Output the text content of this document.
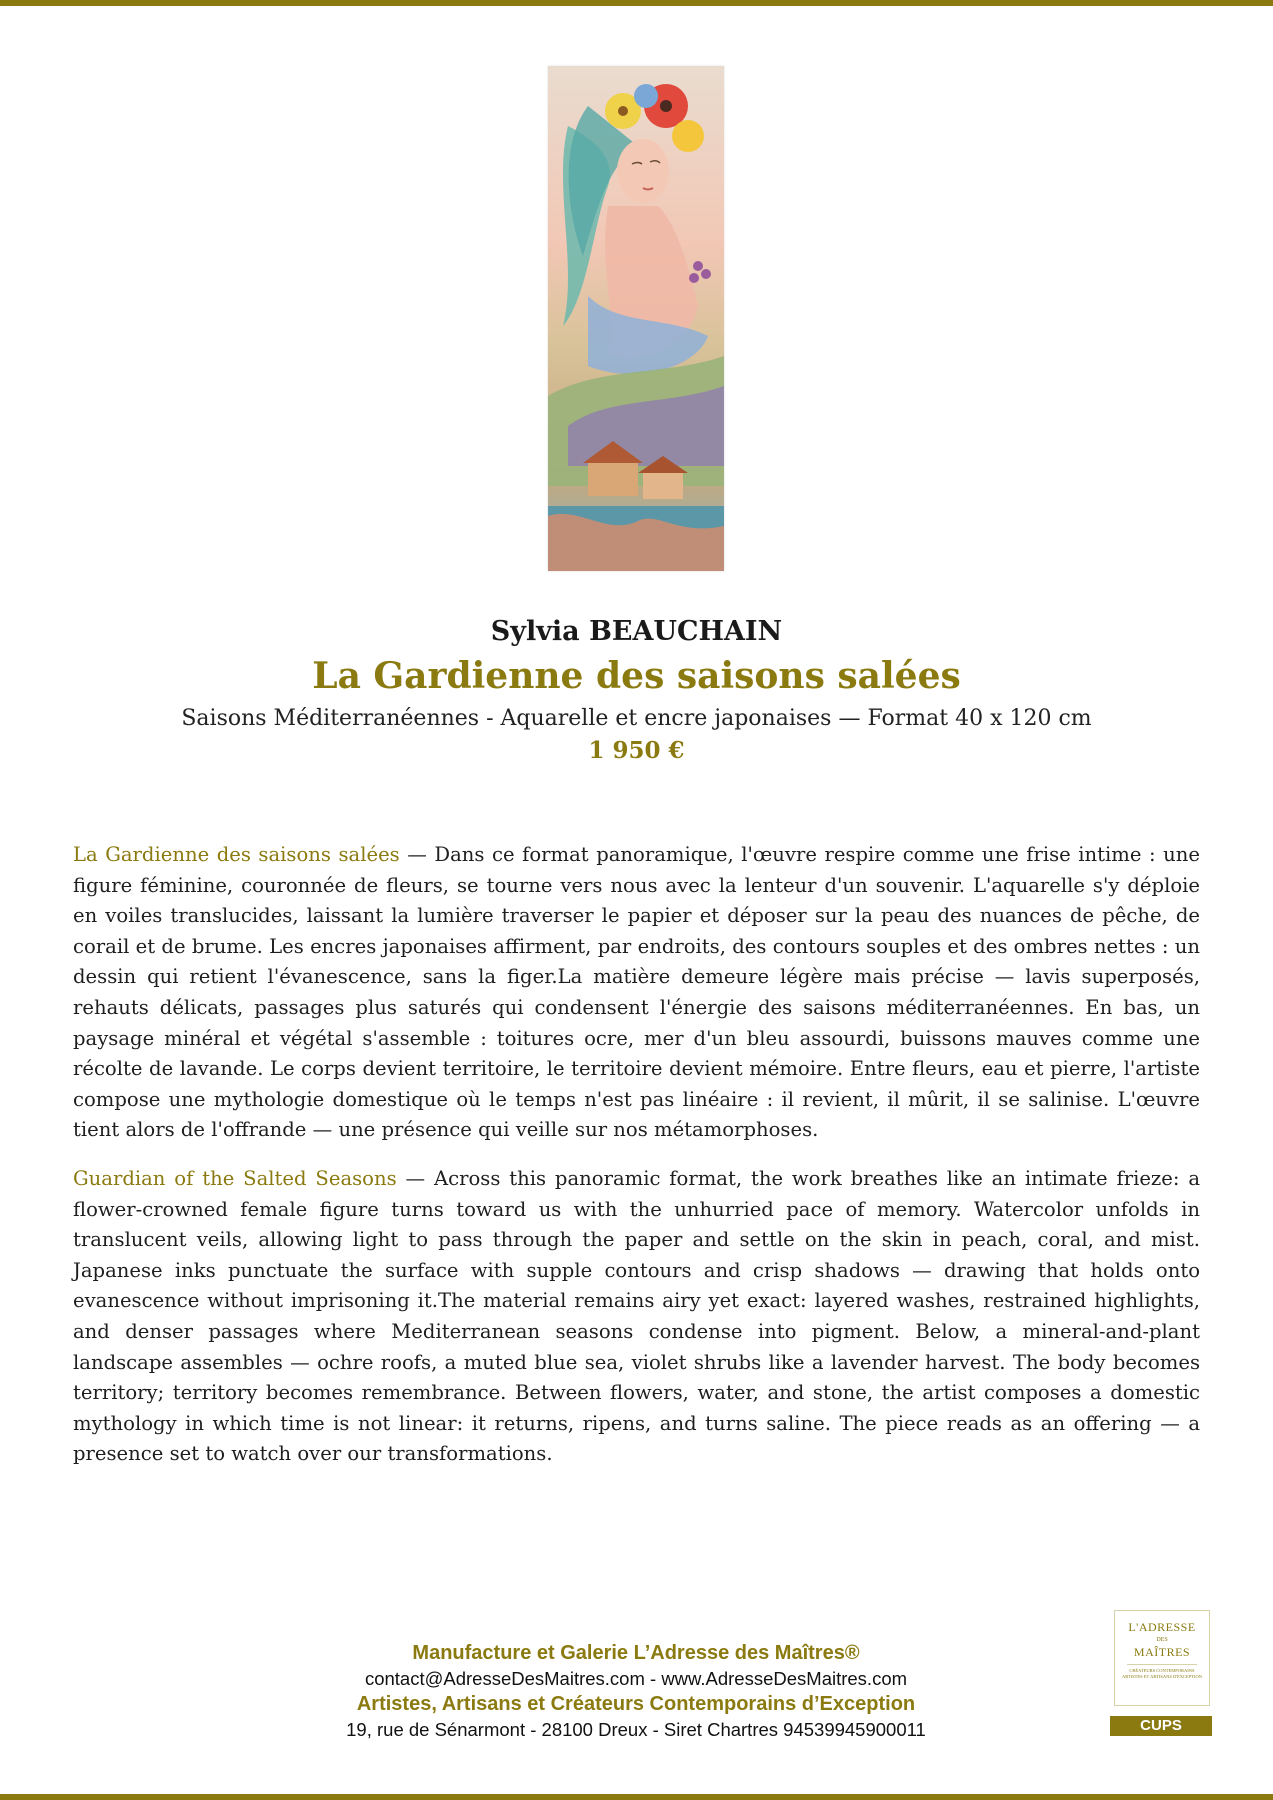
Sylvia BEAUCHAIN
La Gardienne des saisons salées
Saisons Méditerranéennes - Aquarelle et encre japonaises — Format 40 x 120 cm
1 950 €

La Gardienne des saisons salées — Dans ce format panoramique, l'œuvre respire comme une frise intime : une figure féminine, couronnée de fleurs, se tourne vers nous avec la lenteur d'un souvenir. L'aquarelle s'y déploie en voiles translucides, laissant la lumière traverser le papier et déposer sur la peau des nuances de pêche, de corail et de brume. Les encres japonaises affirment, par endroits, des contours souples et des ombres nettes : un dessin qui retient l'évanescence, sans la figer.La matière demeure légère mais précise — lavis superposés, rehauts délicats, passages plus saturés qui condensent l'énergie des saisons méditerranéennes. En bas, un paysage minéral et végétal s'assemble : toitures ocre, mer d'un bleu assourdi, buissons mauves comme une récolte de lavande. Le corps devient territoire, le territoire devient mémoire. Entre fleurs, eau et pierre, l'artiste compose une mythologie domestique où le temps n'est pas linéaire : il revient, il mûrit, il se salinise. L'œuvre tient alors de l'offrande — une présence qui veille sur nos métamorphoses.

Guardian of the Salted Seasons — Across this panoramic format, the work breathes like an intimate frieze: a flower-crowned female figure turns toward us with the unhurried pace of memory. Watercolor unfolds in translucent veils, allowing light to pass through the paper and settle on the skin in peach, coral, and mist. Japanese inks punctuate the surface with supple contours and crisp shadows — drawing that holds onto evanescence without imprisoning it.The material remains airy yet exact: layered washes, restrained highlights, and denser passages where Mediterranean seasons condense into pigment. Below, a mineral-and-plant landscape assembles — ochre roofs, a muted blue sea, violet shrubs like a lavender harvest. The body becomes territory; territory becomes remembrance. Between flowers, water, and stone, the artist composes a domestic mythology in which time is not linear: it returns, ripens, and turns saline. The piece reads as an offering — a presence set to watch over our transformations.

Manufacture et Galerie L’Adresse des Maîtres®
contact@AdresseDesMaitres.com - www.AdresseDesMaitres.com
Artistes, Artisans et Créateurs Contemporains d’Exception
19, rue de Sénarmont - 28100 Dreux - Siret Chartres 94539945900011
L'ADRESSE
DES
MAÎTRES
CRÉATEURS CONTEMPORAINS ARTISTES ET ARTISANS D'EXCEPTION
CUPS
